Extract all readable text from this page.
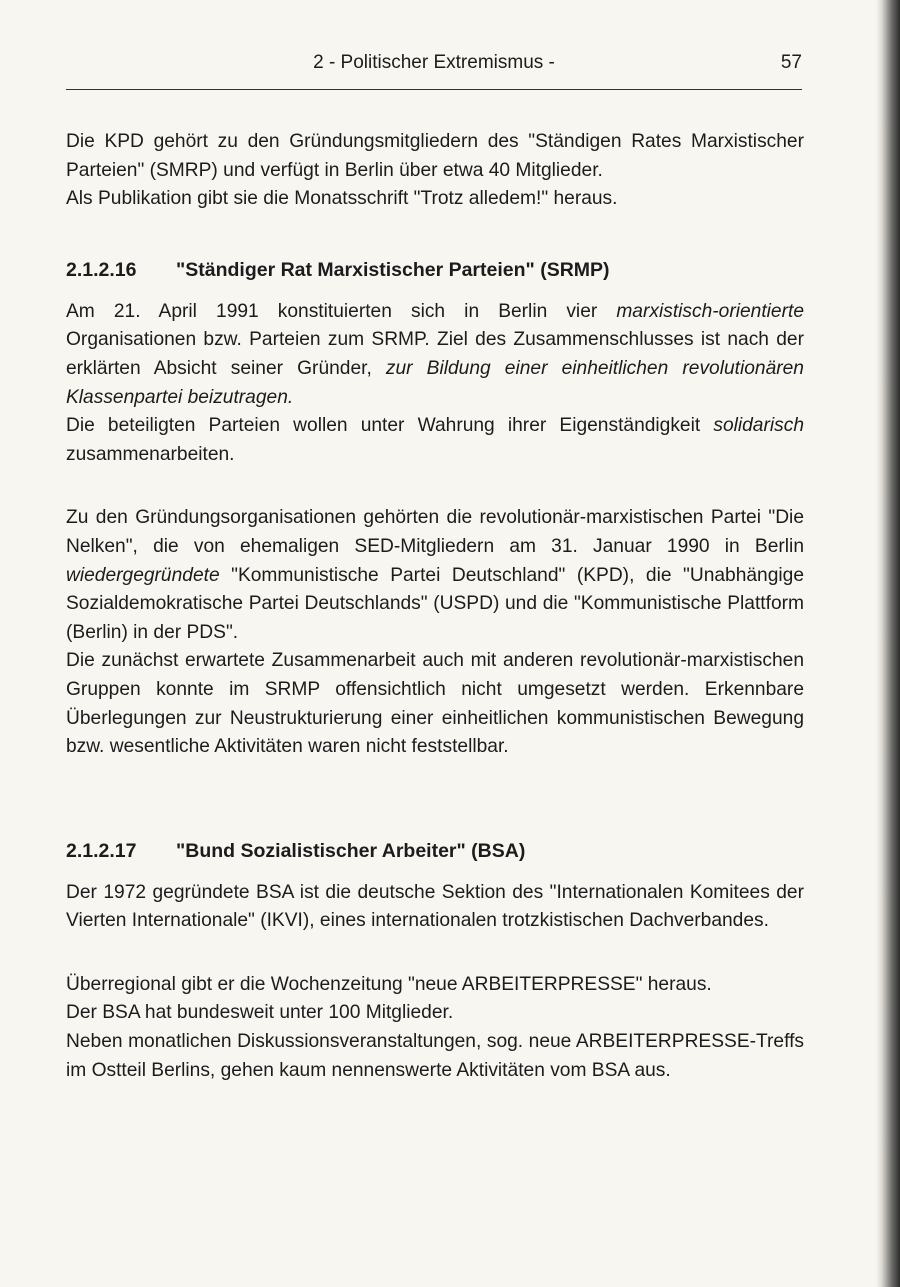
2 - Politischer Extremismus -	57

Die KPD gehört zu den Gründungsmitgliedern des "Ständigen Rates Marxistischer Parteien" (SMRP) und verfügt in Berlin über etwa 40 Mitglieder.

Als Publikation gibt sie die Monatsschrift "Trotz alledem!" heraus.

2.1.2.16	"Ständiger Rat Marxistischer Parteien" (SRMP)

Am 21. April 1991 konstituierten sich in Berlin vier marxistisch-orientierte Organisationen bzw. Parteien zum SRMP. Ziel des Zusammenschlusses ist nach der erklärten Absicht seiner Gründer, zur Bildung einer einheitlichen revolutionären Klassenpartei beizutragen.

Die beteiligten Parteien wollen unter Wahrung ihrer Eigenständigkeit solidarisch zusammenarbeiten.

Zu den Gründungsorganisationen gehörten die revolutionär-marxistischen Partei "Die Nelken", die von ehemaligen SED-Mitgliedern am 31. Januar 1990 in Berlin wiedergegründete "Kommunistische Partei Deutschland" (KPD), die "Unabhängige Sozialdemokratische Partei Deutschlands" (USPD) und die "Kommunistische Plattform (Berlin) in der PDS".

Die zunächst erwartete Zusammenarbeit auch mit anderen revolutionär-marxistischen Gruppen konnte im SRMP offensichtlich nicht umgesetzt werden. Erkennbare Überlegungen zur Neustrukturierung einer einheitlichen kommunistischen Bewegung bzw. wesentliche Aktivitäten waren nicht feststellbar.

2.1.2.17	"Bund Sozialistischer Arbeiter" (BSA)

Der 1972 gegründete BSA ist die deutsche Sektion des "Internationalen Komitees der Vierten Internationale" (IKVI), eines internationalen trotzkistischen Dachverbandes.

Überregional gibt er die Wochenzeitung "neue ARBEITERPRESSE" heraus.

Der BSA hat bundesweit unter 100 Mitglieder.

Neben monatlichen Diskussionsveranstaltungen, sog. neue ARBEITERPRESSE-Treffs im Ostteil Berlins, gehen kaum nennenswerte Aktivitäten vom BSA aus.
